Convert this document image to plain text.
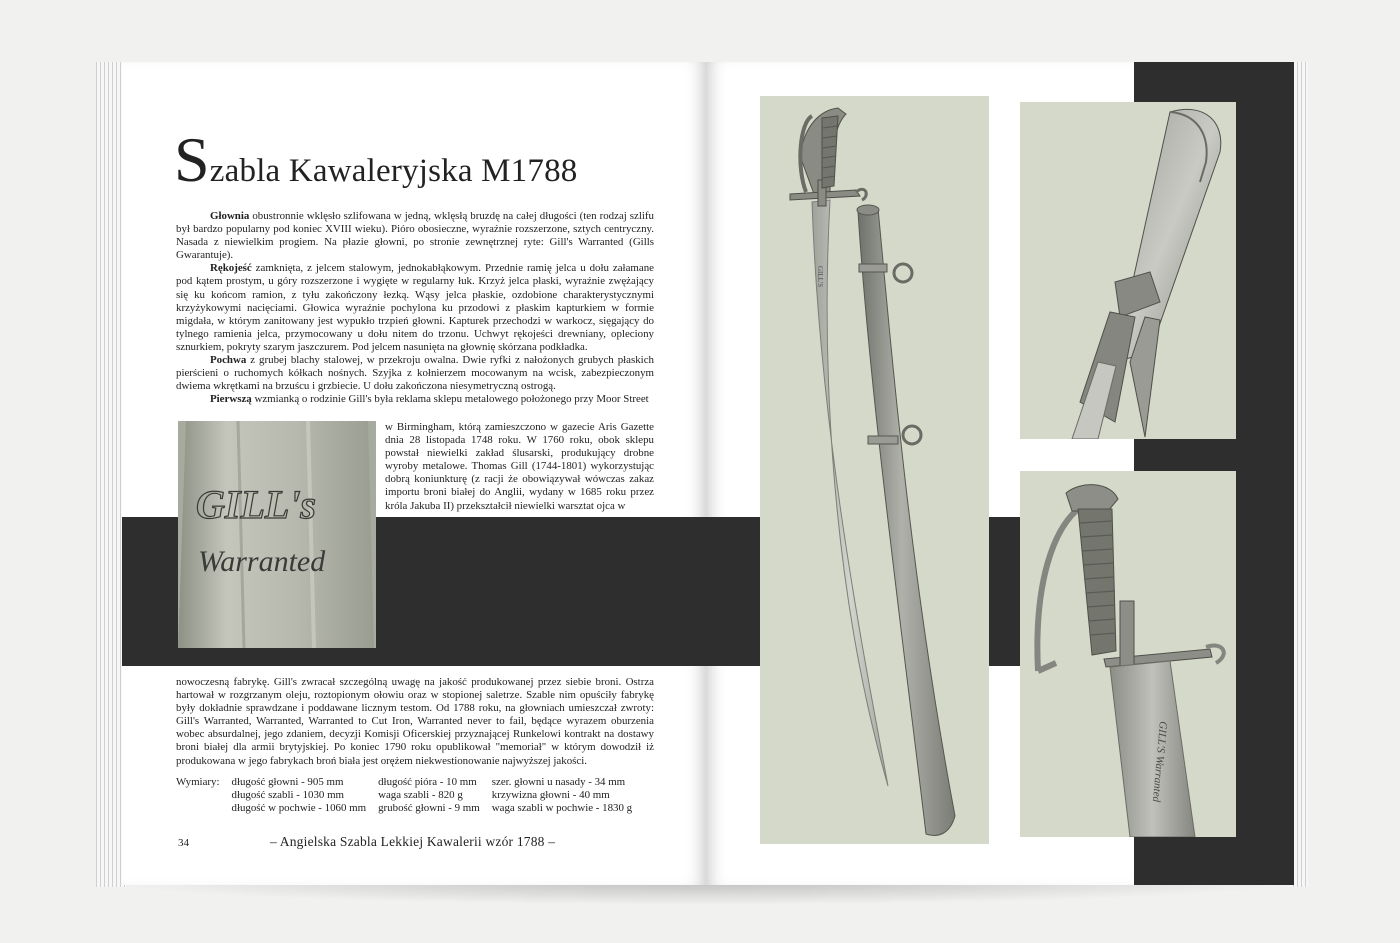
Szabla Kawaleryjska M1788

Głownia obustronnie wklęsło szlifowana w jedną, wklęsłą bruzdę na całej długości (ten rodzaj szlifu był bardzo popularny pod koniec XVIII wieku). Pióro obosieczne, wyraźnie rozszerzone, sztych centryczny. Nasada z niewielkim progiem. Na płazie głowni, po stronie zewnętrznej ryte: Gill's Warranted (Gills Gwarantuje).

Rękojeść zamknięta, z jelcem stalowym, jednokabłąkowym. Przednie ramię jelca u dołu załamane pod kątem prostym, u góry rozszerzone i wygięte w regularny łuk. Krzyż jelca płaski, wyraźnie zwężający się ku końcom ramion, z tyłu zakończony łezką. Wąsy jelca płaskie, ozdobione charakterystycznymi krzyżykowymi nacięciami. Głowica wyraźnie pochylona ku przodowi z płaskim kapturkiem w formie migdała, w którym zanitowany jest wypukło trzpień głowni. Kapturek przechodzi w warkocz, sięgający do tylnego ramienia jelca, przymocowany u dołu nitem do trzonu. Uchwyt rękojeści drewniany, opleciony sznurkiem, pokryty szarym jaszczurem. Pod jelcem nasunięta na głownię skórzana podkładka.

Pochwa z grubej blachy stalowej, w przekroju owalna. Dwie ryfki z nałożonych grubych płaskich pierścieni o ruchomych kółkach nośnych. Szyjka z kołnierzem mocowanym na wcisk, zabezpieczonym dwiema wkrętkami na brzuścu i grzbiecie. U dołu zakończona niesymetryczną ostrogą.

Pierwszą wzmianką o rodzinie Gill's była reklama sklepu metalowego położonego przy Moor Street

GILL's
Warranted
w Birmingham, którą zamieszczono w gazecie Aris Gazette dnia 28 listopada 1748 roku. W 1760 roku, obok sklepu powstał niewielki zakład ślusarski, produkujący drobne wyroby metalowe. Thomas Gill (1744-1801) wykorzystując dobrą koniunkturę (z racji że obowiązywał wówczas zakaz importu broni białej do Anglii, wydany w 1685 roku przez króla Jakuba II) przekształcił niewielki warsztat ojca w

nowoczesną fabrykę. Gill's zwracał szczególną uwagę na jakość produkowanej przez siebie broni. Ostrza hartował w rozgrzanym oleju, roztopionym ołowiu oraz w stopionej saletrze. Szable nim opuściły fabrykę były dokładnie sprawdzane i poddawane licznym testom. Od 1788 roku, na głowniach umieszczał zwroty: Gill's Warranted, Warranted, Warranted to Cut Iron, Warranted never to fail, będące wyrazem oburzenia wobec absurdalnej, jego zdaniem, decyzji Komisji Oficerskiej przyznającej Runkelowi kontrakt na dostawy broni białej dla armii brytyjskiej. Po koniec 1790 roku opublikował "memoriał" w którym dowodził iż produkowana w jego fabrykach broń biała jest orężem niekwestionowanie najwyższej jakości.

Wymiary:	długość głowni - 905 mm	długość pióra - 10 mm	szer. głowni u nasady - 34 mm
	długość szabli - 1030 mm	waga szabli - 820 g	krzywizna głowni - 40 mm
	długość w pochwie - 1060 mm	grubość głowni - 9 mm	waga szabli w pochwie - 1830 g
34	– Angielska Szabla Lekkiej Kawalerii wzór 1788 –
GILL'S
GILL'S Warranted
